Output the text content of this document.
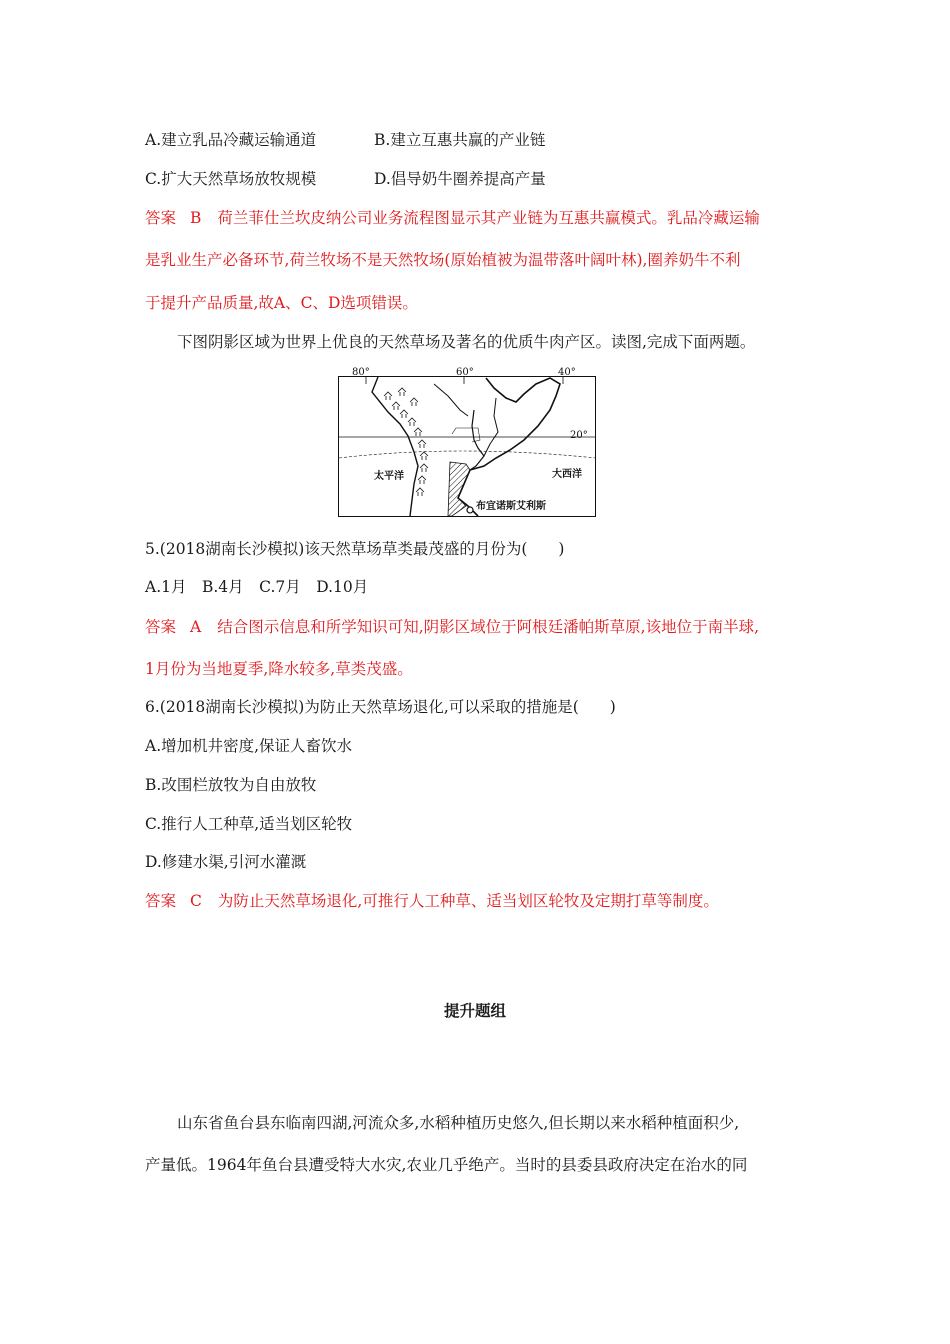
A.建立乳品冷藏运输通道	B.建立互惠共赢的产业链
C.扩大天然草场放牧规模	D.倡导奶牛圈养提高产量
答案 B 荷兰菲仕兰坎皮纳公司业务流程图显示其产业链为互惠共赢模式。乳品冷藏运输
是乳业生产必备环节,荷兰牧场不是天然牧场(原始植被为温带落叶阔叶林),圈养奶牛不利
于提升产品质量,故A、C、D选项错误。
下图阴影区域为世界上优良的天然草场及著名的优质牛肉产区。读图,完成下面两题。
布宜诺斯艾利斯
80°	60°	40°
20°
太平洋	大西洋
5.(2018湖南长沙模拟)该天然草场草类最茂盛的月份为(　　)
A.1月　B.4月　C.7月　D.10月
答案 A 结合图示信息和所学知识可知,阴影区域位于阿根廷潘帕斯草原,该地位于南半球,
1月份为当地夏季,降水较多,草类茂盛。
6.(2018湖南长沙模拟)为防止天然草场退化,可以采取的措施是(　　)
A.增加机井密度,保证人畜饮水
B.改围栏放牧为自由放牧
C.推行人工种草,适当划区轮牧
D.修建水渠,引河水灌溉
答案 C 为防止天然草场退化,可推行人工种草、适当划区轮牧及定期打草等制度。
提升题组
山东省鱼台县东临南四湖,河流众多,水稻种植历史悠久,但长期以来水稻种植面积少,
产量低。1964年鱼台县遭受特大水灾,农业几乎绝产。当时的县委县政府决定在治水的同
